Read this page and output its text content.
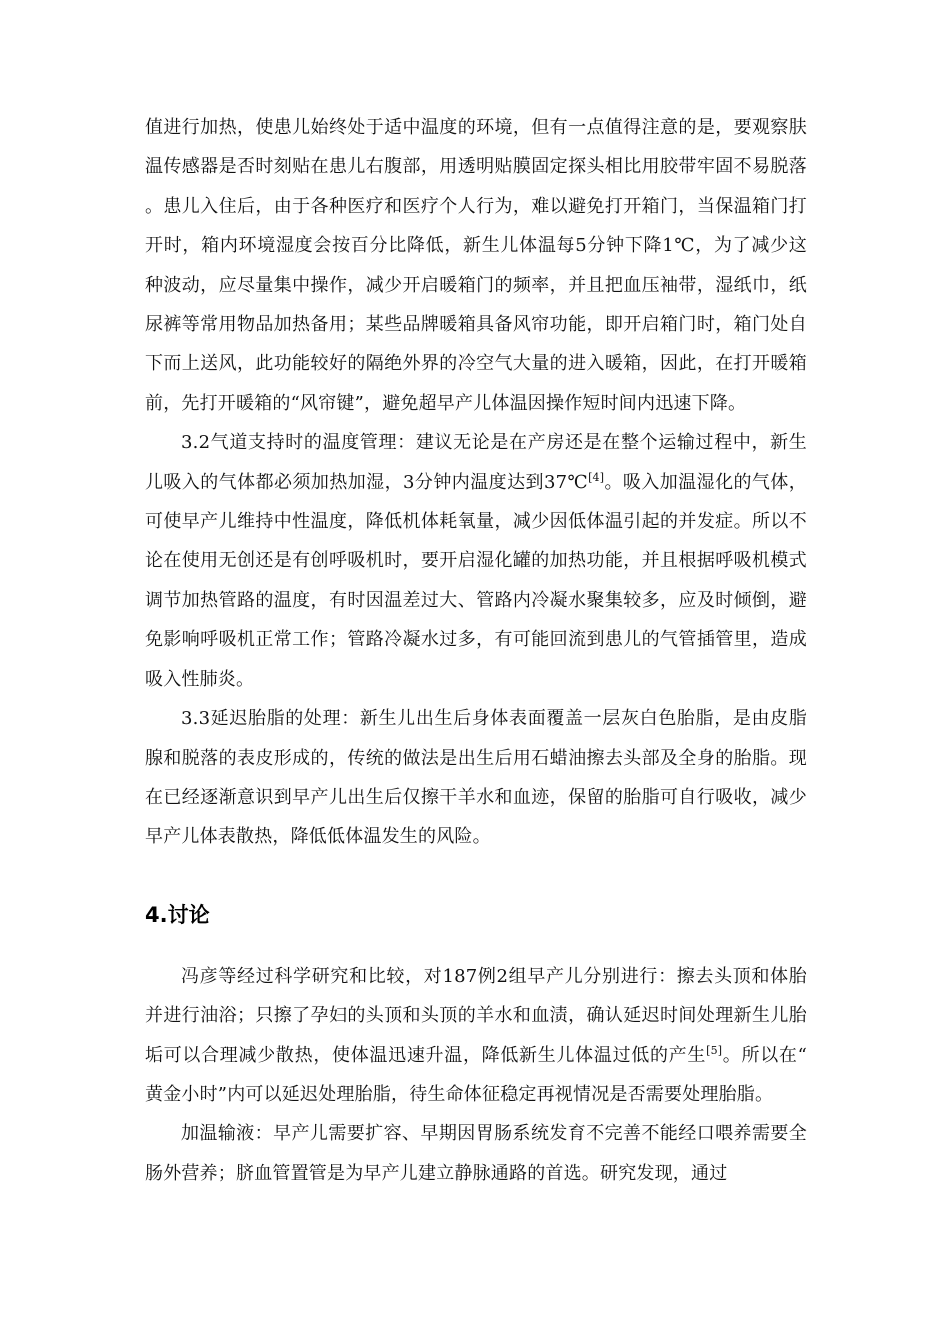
值进行加热，使患儿始终处于适中温度的环境，但有一点值得注意的是，要观察肤温传感器是否时刻贴在患儿右腹部，用透明贴膜固定探头相比用胶带牢固不易脱落。患儿入住后，由于各种医疗和医疗个人行为，难以避免打开箱门，当保温箱门打开时，箱内环境湿度会按百分比降低，新生儿体温每5分钟下降1℃，为了减少这种波动，应尽量集中操作，减少开启暖箱门的频率，并且把血压袖带，湿纸巾，纸尿裤等常用物品加热备用；某些品牌暖箱具备风帘功能，即开启箱门时，箱门处自下而上送风，此功能较好的隔绝外界的冷空气大量的进入暖箱，因此，在打开暖箱前，先打开暖箱的“风帘键”，避免超早产儿体温因操作短时间内迅速下降。

3.2气道支持时的温度管理：建议无论是在产房还是在整个运输过程中，新生儿吸入的气体都必须加热加湿，3分钟内温度达到37℃[4]。吸入加温湿化的气体，可使早产儿维持中性温度，降低机体耗氧量，减少因低体温引起的并发症。所以不论在使用无创还是有创呼吸机时，要开启湿化罐的加热功能，并且根据呼吸机模式调节加热管路的温度，有时因温差过大、管路内冷凝水聚集较多，应及时倾倒，避免影响呼吸机正常工作；管路冷凝水过多，有可能回流到患儿的气管插管里，造成吸入性肺炎。

3.3延迟胎脂的处理：新生儿出生后身体表面覆盖一层灰白色胎脂，是由皮脂腺和脱落的表皮形成的，传统的做法是出生后用石蜡油擦去头部及全身的胎脂。现在已经逐渐意识到早产儿出生后仅擦干羊水和血迹，保留的胎脂可自行吸收，减少早产儿体表散热，降低低体温发生的风险。

4.讨论

冯彦等经过科学研究和比较，对187例2组早产儿分别进行：擦去头顶和体胎并进行油浴；只擦了孕妇的头顶和头顶的羊水和血渍，确认延迟时间处理新生儿胎垢可以合理减少散热，使体温迅速升温，降低新生儿体温过低的产生[5]。所以在“黄金小时”内可以延迟处理胎脂，待生命体征稳定再视情况是否需要处理胎脂。

加温输液：早产儿需要扩容、早期因胃肠系统发育不完善不能经口喂养需要全肠外营养；脐血管置管是为早产儿建立静脉通路的首选。研究发现，通过
